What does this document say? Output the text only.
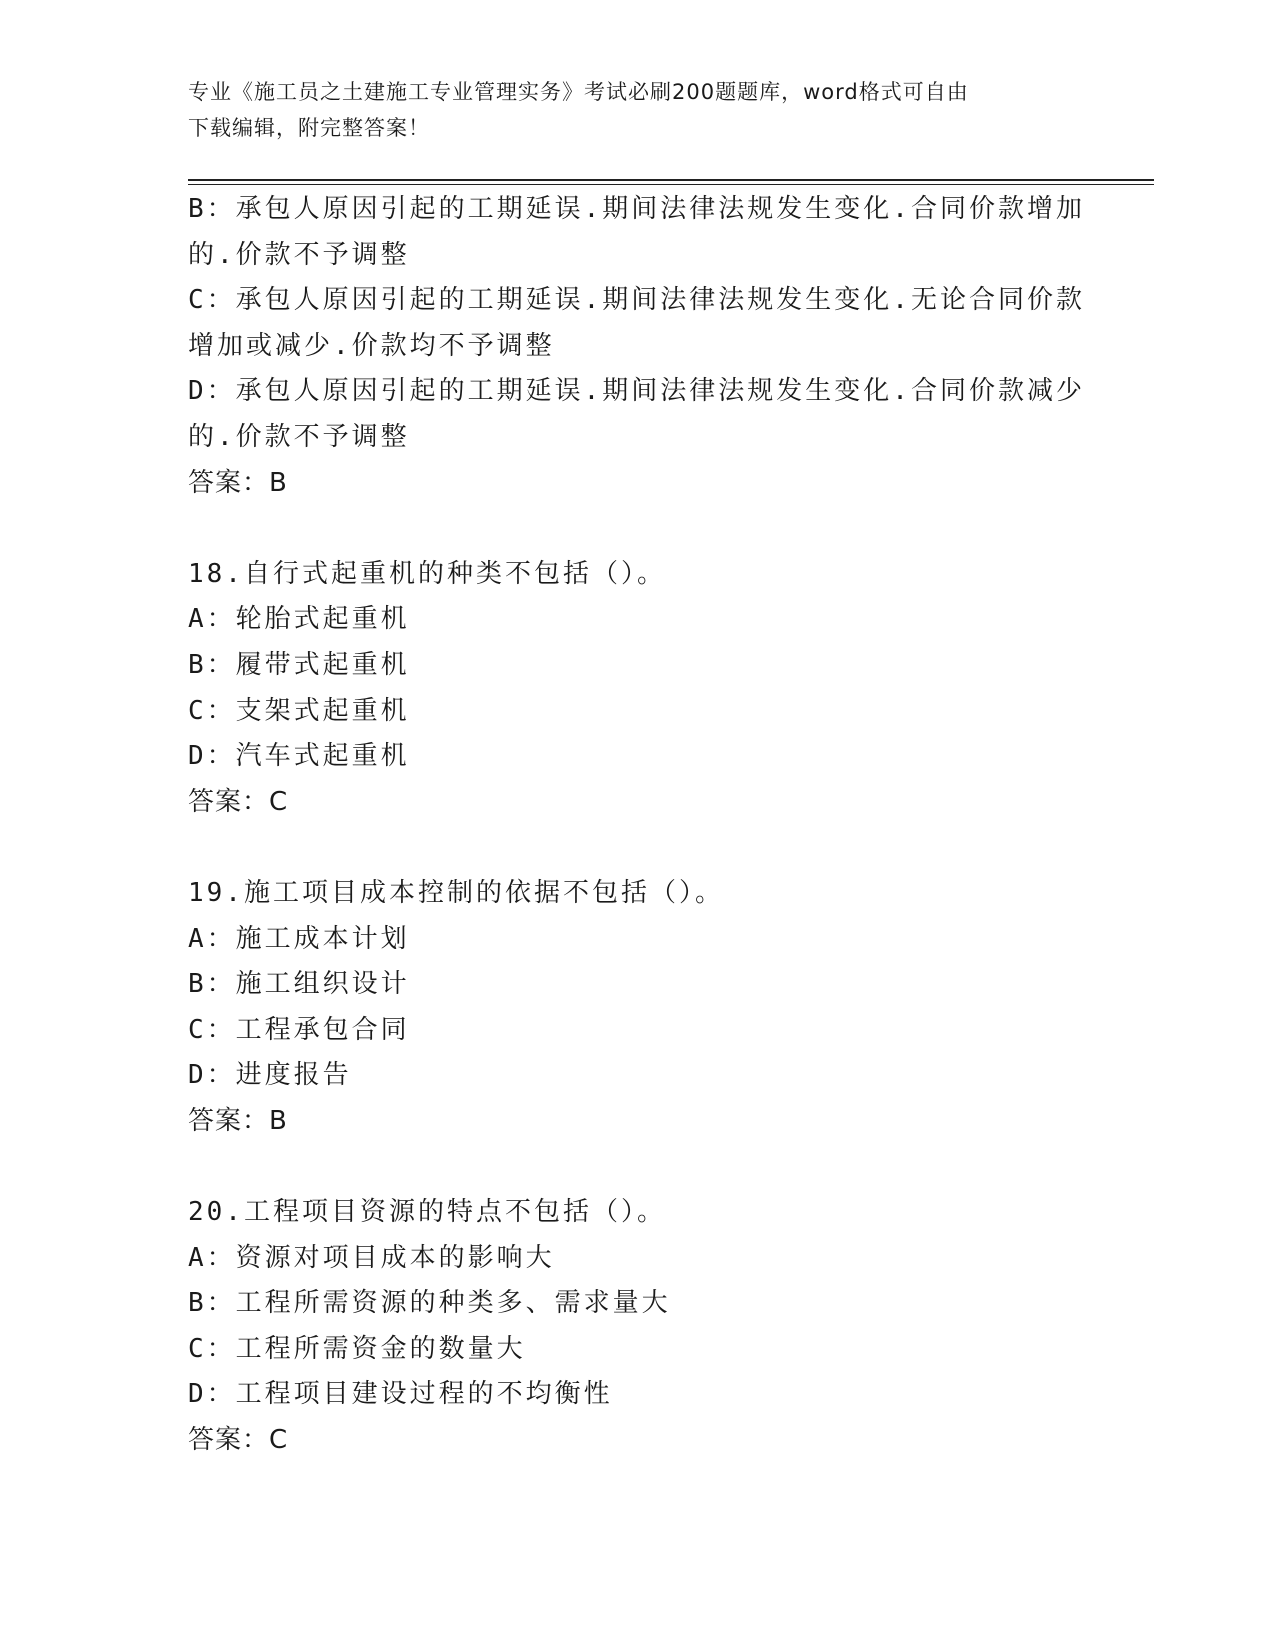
专业《施工员之土建施工专业管理实务》考试必刷200题题库，word格式可自由
下载编辑，附完整答案！
B：承包人原因引起的工期延误.期间法律法规发生变化.合同价款增加
的.价款不予调整
C：承包人原因引起的工期延误.期间法律法规发生变化.无论合同价款
增加或减少.价款均不予调整
D：承包人原因引起的工期延误.期间法律法规发生变化.合同价款减少
的.价款不予调整
答案：B
18.自行式起重机的种类不包括（）。
A：轮胎式起重机
B：履带式起重机
C：支架式起重机
D：汽车式起重机
答案：C
19.施工项目成本控制的依据不包括（）。
A：施工成本计划
B：施工组织设计
C：工程承包合同
D：进度报告
答案：B
20.工程项目资源的特点不包括（）。
A：资源对项目成本的影响大
B：工程所需资源的种类多、需求量大
C：工程所需资金的数量大
D：工程项目建设过程的不均衡性
答案：C
